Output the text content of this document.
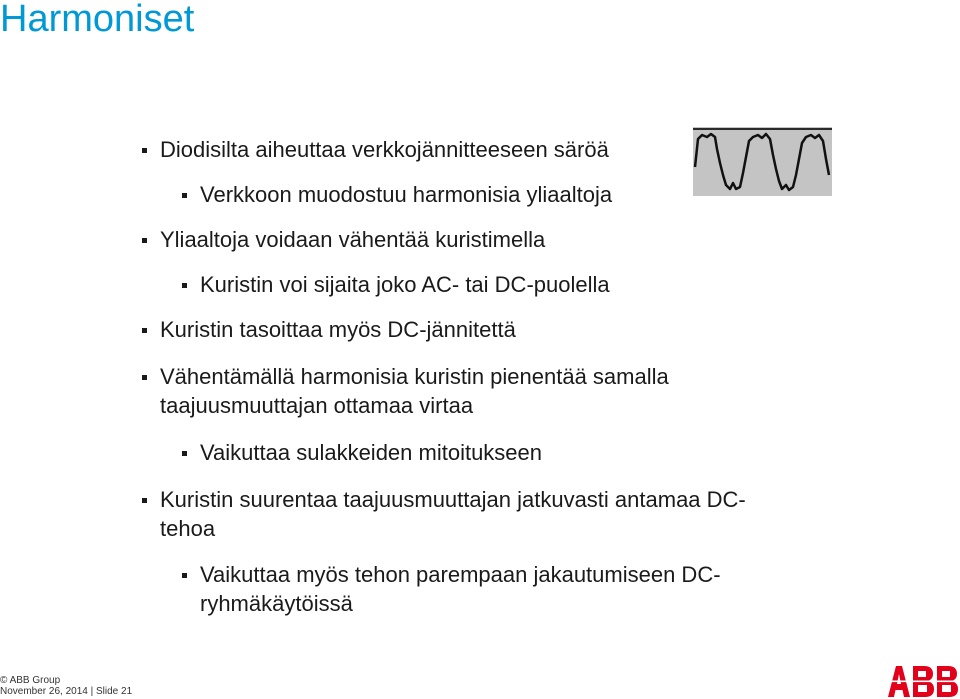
Harmoniset
Diodisilta aiheuttaa verkkojännitteeseen säröä
Verkkoon muodostuu harmonisia yliaaltoja
Yliaaltoja voidaan vähentää kuristimella
Kuristin voi sijaita joko AC- tai DC-puolella
Kuristin tasoittaa myös DC-jännitettä
Vähentämällä harmonisia kuristin pienentää samalla taajuusmuuttajan ottamaa virtaa
Vaikuttaa sulakkeiden mitoitukseen
Kuristin suurentaa taajuusmuuttajan jatkuvasti antamaa DC-tehoa
Vaikuttaa myös tehon parempaan jakautumiseen DC-ryhmäkäytöissä
© ABB Group
November 26, 2014 | Slide 21
